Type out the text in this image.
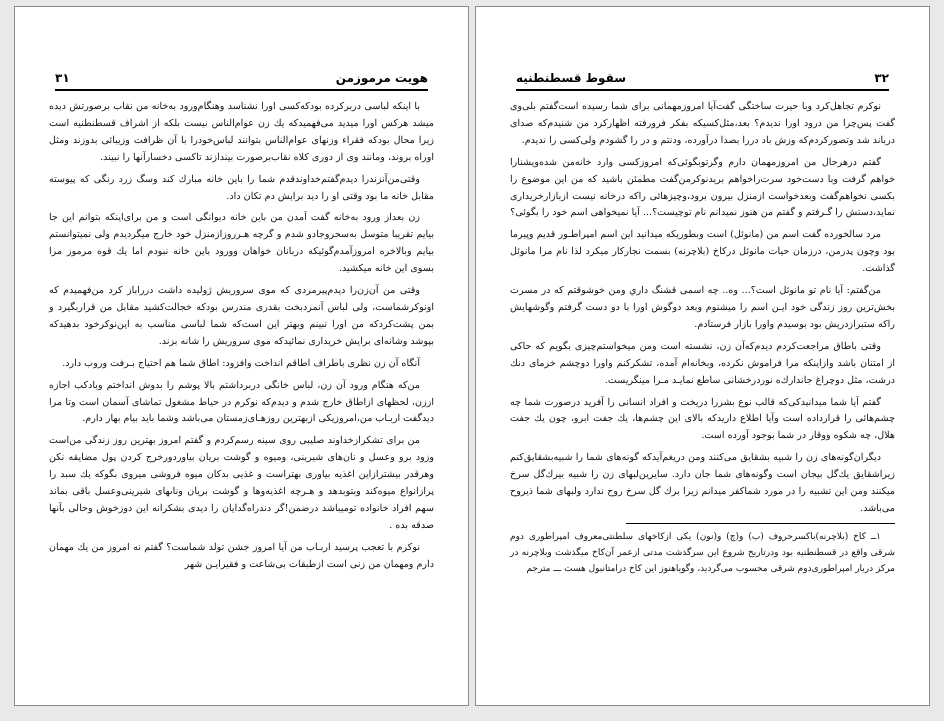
۳۱	هويت مرموزمن

با اينكه لباسى دربركرده بودكه‌كسى اورا نشناسد وهنگام‌ورود بەخانه من نقاب برصورتش ديده ميشد هركس اورا ميديد مى‌فهميدكه يك زن عوام‌الناس نيست بلكه از اشراف قسطنطنيه است زيرا محال بودكه فقراء وزنهاى عوام‌الناس بتوانند لباس‌خودرا با آن ظرافت وزيبائى بدوزند ومثل اوراه بروند، ومانند وى از دورى كلاه نقاب‌برصورت بيندازند تاكسى دخسارآنها را نبيند.

وقتى‌من‌آنزندرا ديدم‌گفتم‌خداوندقدم شما را باين خانه مبارك كند وسگ زرد رنگى كه پيوسته مقابل خانه ما بود وقتى او را ديد برايش دم تكان داد.

زن بعداز ورود بەخانه گفت آمدن من باين خانه ديوانگى است و من براى‌اينكه بتوانم اين جا بيايم تقريبا متوسل بەسحروجادو شدم و گرچه هـرروزازمنزل خود خارج ميگرديدم ولى نميتوانستم بيايم وبالاخره امروزآمدم‌گوئيكه دربانان خواهان وورود باين خانه نبودم اما يك قوه مرموز مرا بسوى اين خانه ميكشيد.

وقتى‌ من‌ آن‌زن‌را‌ ديدم‌پيرمردى‌ كه‌ موى‌ سروريش‌ ژوليده‌ داشت‌ درراباز كرد من‌فهميدم كه‌ اونوكرشماست، ولى‌ لباس‌ آنمرد‌بخت‌ بقدرى‌ مندرس‌ بودكه‌ خجالت‌كشيد‌ مقابل من قراربگيرد و بمن پشت‌كرد‌كه من اورا نبينم وبهتر اين است‌كه شما لباسى مناسب به اين‌نوكرخود بدهيدكه بپوشد وشانه‌اى برايش خريدارى نمائيدكه موى سروريش را شانه بزند.

آنگاه آن زن نظرى باطراف اطاقم انداخت وافزود: اطاق شما هم احتياج بـرفت وروب دارد.

من‌كه هنگام ورود آن زن، لباس خانگى دربرداشتم بالا پوشم را بدوش انداختم وبادكب اجازه اززن، لحظهاى ازاطاق خارج شدم و ديدم‌كه نوكرم در حياط مشغول تماشاى آسمان است وتا مرا ديدگفت اربـاب من،امروزيكى ازبهترين روزهـاى‌زمستان مى‌باشد وشما بايد بيام بهار دارم.

من براى تشكرازخداوند صليبى روى سينه رسم‌كردم و گفتم امروز بهترين روز زندگى من‌است وزود برو وعسل و نان‌هاى شيرينى، وميوه و گوشت بريان بياوردورخرج كردن پول مضايقه نكن وهرقدر بيشترازاين اغذيه بياورى بهتراست و غذيى بدكان ميوه فروشى ميروى بگوكه يك سبد را پرازانواع ميوه‌كند وبتوبدهد و هـرچه اغذيه‌وها و گوشت بريان وناىهاى شيرينى‌وعسل باقى بماند سهم افراد خانواده توميباشد درضمن!گر دندراه‌گدايان را ديدى بشكرانه اين دوزخوش وحالى بآنها صدقه بده .

نوكرم با تعجب پرسيد اربـاب من آيا امروز جشن تولد شماست؟ گفتم نه امروز من يك مهمان دارم ومهمان من زنى است ازطبقات بى‌شاعت و فقيرايـن شهر

۳۲
سقوط قسطنطنيه

نوكرم تجاهل‌كرد وبا حيرت ساختگى گفت‌آيا امروزمهمانى براى شما رسيده است‌گفتم بلى‌وى گفت پس‌چرا من درود اورا نديدم؟ بعد،مثل‌كسيكه بفكر فرورفته اظهاركرد من شنيدم‌كه صداى درباند شد وتصوركردم‌كه وزش باد دررا بصدا درآورده، ودنتم و در را گشودم ولى‌كسى را نديدم.

گفتم درهرحال من امروزمهمان دارم وگرتوبگوئى‌كه امروزكسى وارد خانه‌من شده‌ويشنارا خواهم گرفت وبا دست‌خود سرت‌راخواهم بريدنوكرمن‌گفت مطمئن باشيد كه من اين موضوع را بكسى نخواهم‌گفت وبعدخواست ازمنزل بيرون برود،وچيزهائى راكه درخانه نيست ازبازارخريدارى نمايد،دستش را گـرفتم و گفتم من هنوز نميدانم نام توچيست؟... آيا نميخواهى اسم خود را بگوئى؟

مرد سالخورده گفت اسم من (مانوئل) است وبطوريكه ميدانيد اين اسم امپراطـور قديم وپيرما بود وچون پدرمن، درزمان حيات مانوئل دركاخ (بلاچرنه) بسمت نجاركار ميكرد لذا نام مرا مانوئل گذاشت.

من‌گفتم: آيا نام تو مانوئل است؟... وه.. چه اسمى قشنگ‌ داري ومن خوشوقتم كه در مسرت بخش‌ترين روز زندگى خود ايـن اسم را ميشنوم وبعد دوگوش اورا با دو دست گرفتم وگوشهايش را‌كه ستبرازدريش بود بوسيدم واورا بازار فرستادم.

وقتى باطاق مراجعت‌كردم ديدم‌كه‌آن زن، نشسته است ومن ميخواستم‌چيزى بگويم كه حاكى از امتنان باشد وازاينكه مرا فراموش نكرده، وبخانه‌ام آمده، تشكركنم واورا دوچشم خرماى دنك درشت، مثل دوچراغ جاندارك‌ه نوردرخشانى ساطع نمايـد مـرا مينگريست.

گفتم آيا شما ميدانيدكى‌كه قالب نوع بشررا دريخت و افراد انسانى را آفريد درصورت شما چه چشم‌هائى را قرارداده است وآيا اطلاع داريدكه بالاى اين چشم‌ها، يك جفت ابرو، چون يك جفت هلال، چه شكوه ووقار در شما بوجود آورده است.

ديگران‌گونه‌هاى زن را شبيه بشقايق مى‌كنند ومن دريغم‌آيدكه گونه‌هاى شما را شبيه‌بشقايق‌كنم زيراشقايق يك‌گل بيجان است وگونه‌هاى شما جان دارد. سايرين‌لبهاى زن را شبيه بيرك‌گل سرخ ميكنند ومن اين تشبيه را در مورد شماكفر ميدانم زيرا برك گل سرخ روح ندارد ولبهاى شما ذيروح مى‌باشد.

١ــ كاخ (بلاچرنه)باكسرحروف (ب) و(چ) و(نون) يكى ازكاخهاى سلطنتى‌معروف امپراطورى دوم شرقى واقع در قسطنطنيه بود ودرتاريخ شروع اين سرگذشت مدتى ازعمر آن‌كاخ ميگذشت وبلاچرنه در مركز دربار امپراطورى‌دوم شرقى محسوب مى‌گرديد، وگوياهنوز اين كاخ درامتانبول هست ـــ مترجم
